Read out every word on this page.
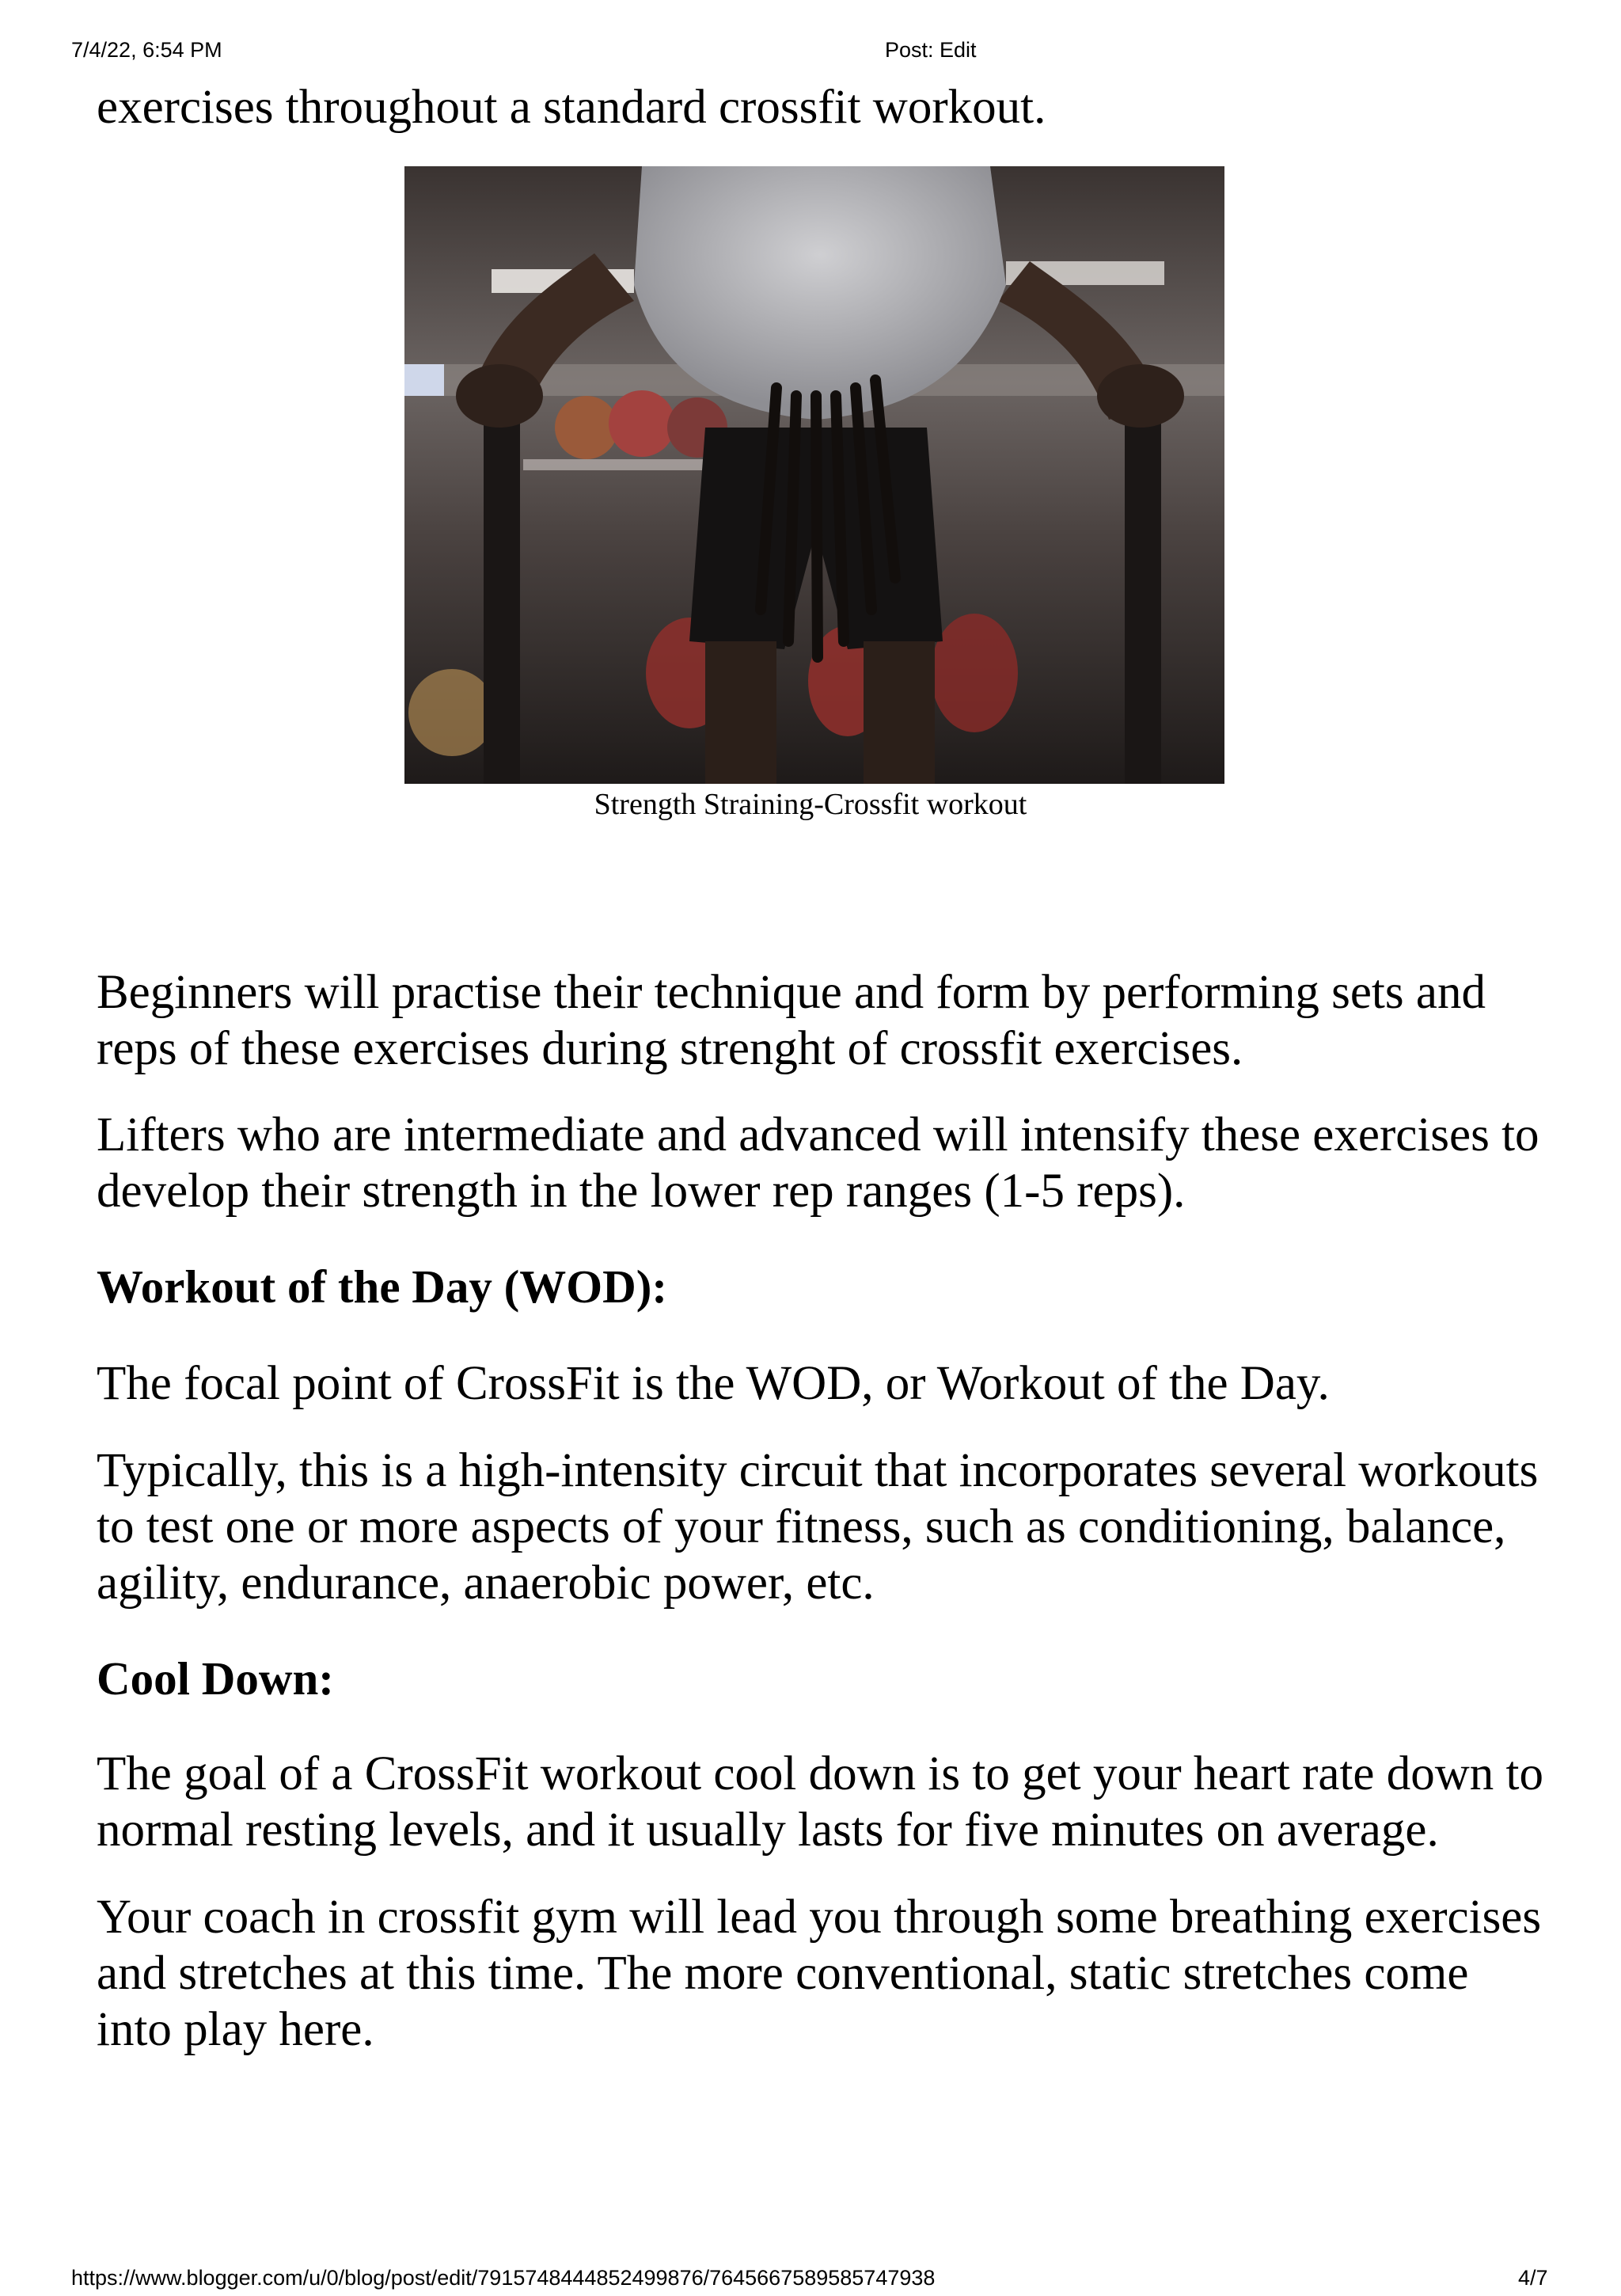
7/4/22, 6:54 PM	Post: Edit

exercises throughout a standard crossfit workout.

Beginners will practise their technique and form by performing sets and reps of these exercises during strenght of crossfit exercises.

Lifters who are intermediate and advanced will intensify these exercises to develop their strength in the lower rep ranges (1-5 reps).

Workout of the Day (WOD):

The focal point of CrossFit is the WOD, or Workout of the Day.

Typically, this is a high-intensity circuit that incorporates several workouts to test one or more aspects of your fitness, such as conditioning, balance, agility, endurance, anaerobic power, etc.

Cool Down:

The goal of a CrossFit workout cool down is to get your heart rate down to normal resting levels, and it usually lasts for five minutes on average.

Your coach in crossfit gym will lead you through some breathing exercises and stretches at this time. The more conventional, static stretches come into play here.

Strength Straining-Crossfit workout
https://www.blogger.com/u/0/blog/post/edit/7915748444852499876/7645667589585747938	4/7
